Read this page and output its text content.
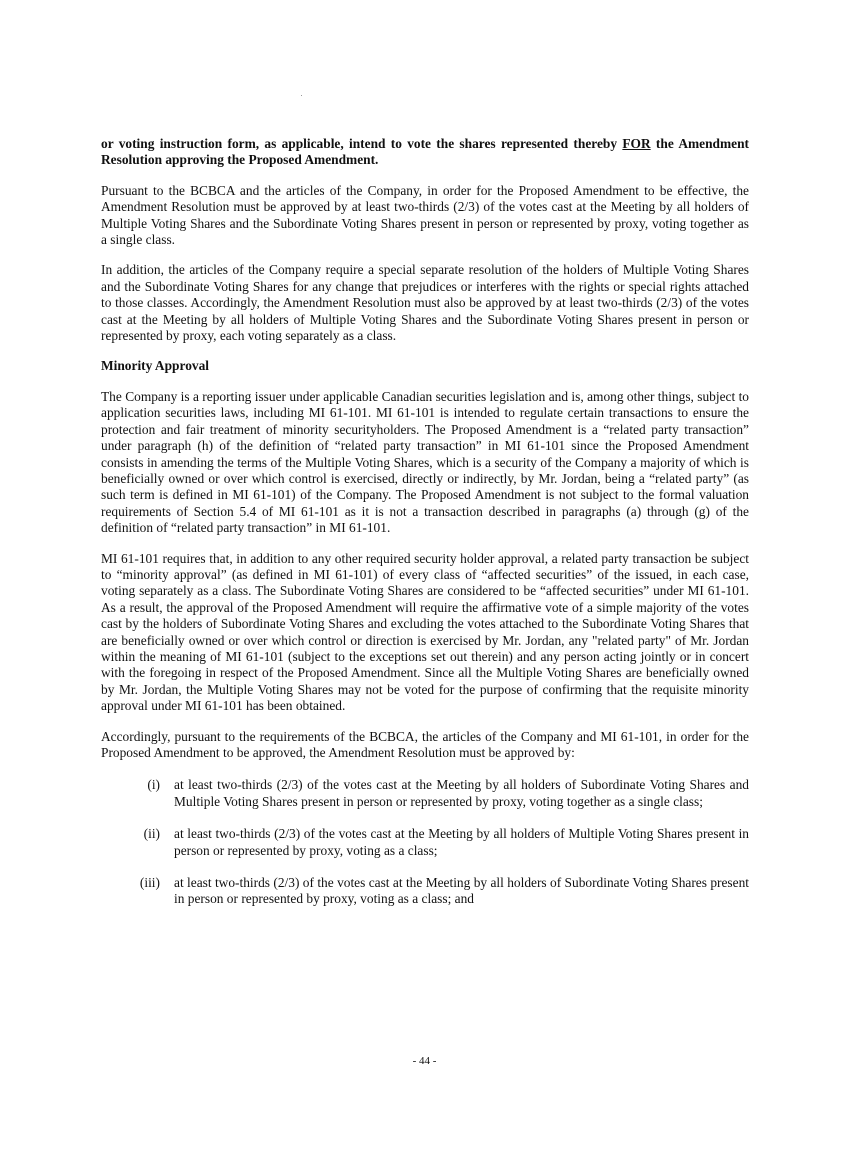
or voting instruction form, as applicable, intend to vote the shares represented thereby FOR the Amendment Resolution approving the Proposed Amendment.

Pursuant to the BCBCA and the articles of the Company, in order for the Proposed Amendment to be effective, the Amendment Resolution must be approved by at least two-thirds (2/3) of the votes cast at the Meeting by all holders of Multiple Voting Shares and the Subordinate Voting Shares present in person or represented by proxy, voting together as a single class.

In addition, the articles of the Company require a special separate resolution of the holders of Multiple Voting Shares and the Subordinate Voting Shares for any change that prejudices or interferes with the rights or special rights attached to those classes. Accordingly, the Amendment Resolution must also be approved by at least two-thirds (2/3) of the votes cast at the Meeting by all holders of Multiple Voting Shares and the Subordinate Voting Shares present in person or represented by proxy, each voting separately as a class.

Minority Approval

The Company is a reporting issuer under applicable Canadian securities legislation and is, among other things, subject to application securities laws, including MI 61-101. MI 61-101 is intended to regulate certain transactions to ensure the protection and fair treatment of minority securityholders. The Proposed Amendment is a “related party transaction” under paragraph (h) of the definition of “related party transaction” in MI 61-101 since the Proposed Amendment consists in amending the terms of the Multiple Voting Shares, which is a security of the Company a majority of which is beneficially owned or over which control is exercised, directly or indirectly, by Mr. Jordan, being a “related party” (as such term is defined in MI 61-101) of the Company. The Proposed Amendment is not subject to the formal valuation requirements of Section 5.4 of MI 61-101 as it is not a transaction described in paragraphs (a) through (g) of the definition of “related party transaction” in MI 61-101.

MI 61-101 requires that, in addition to any other required security holder approval, a related party transaction be subject to “minority approval” (as defined in MI 61-101) of every class of “affected securities” of the issued, in each case, voting separately as a class. The Subordinate Voting Shares are considered to be “affected securities” under MI 61-101. As a result, the approval of the Proposed Amendment will require the affirmative vote of a simple majority of the votes cast by the holders of Subordinate Voting Shares and excluding the votes attached to the Subordinate Voting Shares that are beneficially owned or over which control or direction is exercised by Mr. Jordan, any "related party" of Mr. Jordan within the meaning of MI 61-101 (subject to the exceptions set out therein) and any person acting jointly or in concert with the foregoing in respect of the Proposed Amendment. Since all the Multiple Voting Shares are beneficially owned by Mr. Jordan, the Multiple Voting Shares may not be voted for the purpose of confirming that the requisite minority approval under MI 61-101 has been obtained.

Accordingly, pursuant to the requirements of the BCBCA, the articles of the Company and MI 61-101, in order for the Proposed Amendment to be approved, the Amendment Resolution must be approved by:

(i)	at least two-thirds (2/3) of the votes cast at the Meeting by all holders of Subordinate Voting Shares and Multiple Voting Shares present in person or represented by proxy, voting together as a single class;
(ii)	at least two-thirds (2/3) of the votes cast at the Meeting by all holders of Multiple Voting Shares present in person or represented by proxy, voting as a class;
(iii)	at least two-thirds (2/3) of the votes cast at the Meeting by all holders of Subordinate Voting Shares present in person or represented by proxy, voting as a class; and
- 44 -
